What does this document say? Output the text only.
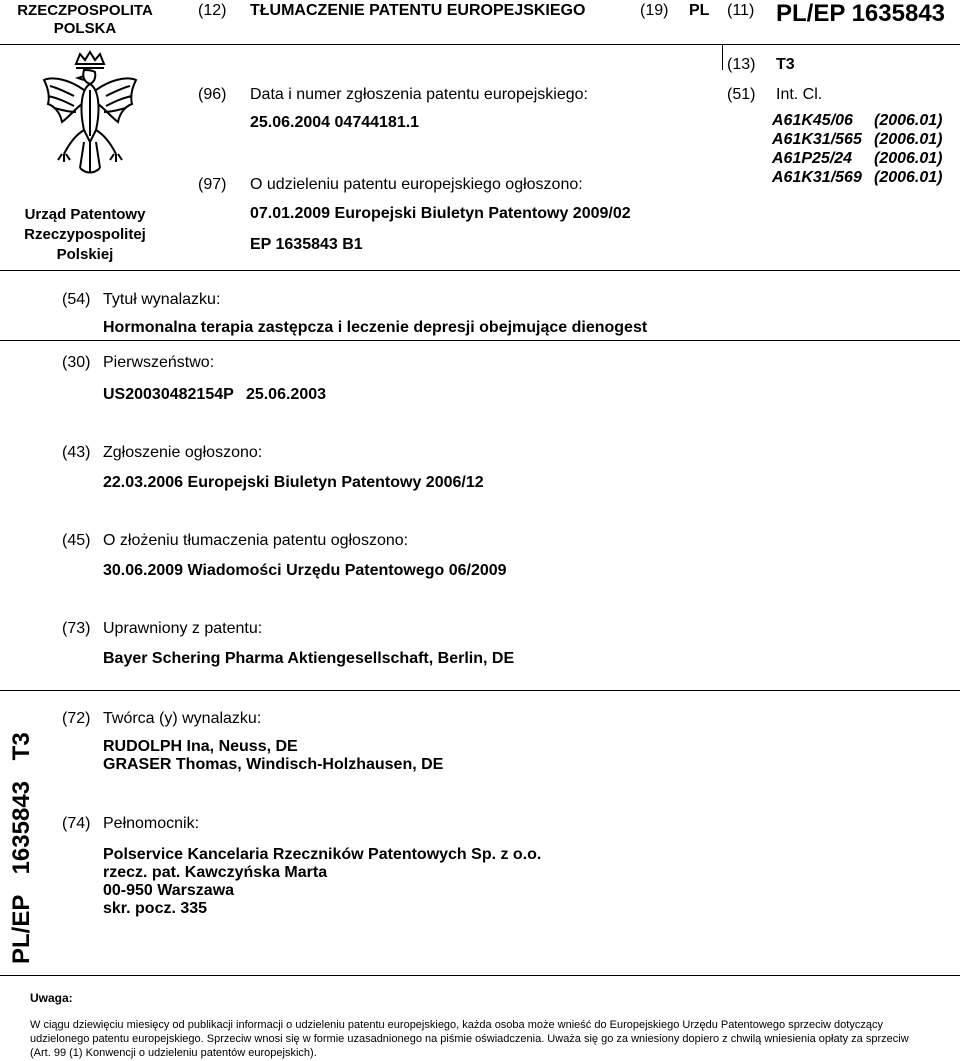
RZECZPOSPOLITA POLSKA
(12) TŁUMACZENIE PATENTU EUROPEJSKIEGO	(19) PL (11) PL/EP 1635843
(13) T3
Urząd Patentowy
Rzeczypospolitej
Polskiej
(96) Data i numer zgłoszenia patentu europejskiego:
25.06.2004 04744181.1
(97) O udzieleniu patentu europejskiego ogłoszono:
07.01.2009 Europejski Biuletyn Patentowy 2009/02
EP 1635843 B1
(51) Int. Cl.
A61K45/06
A61K31/565
A61P25/24
A61K31/569
(2006.01)
(2006.01)
(2006.01)
(2006.01)
(54) Tytuł wynalazku:
Hormonalna terapia zastępcza i leczenie depresji obejmujące dienogest
(30) Pierwszeństwo:
US20030482154P 25.06.2003
(43) Zgłoszenie ogłoszono:
22.03.2006 Europejski Biuletyn Patentowy 2006/12
(45) O złożeniu tłumaczenia patentu ogłoszono:
30.06.2009 Wiadomości Urzędu Patentowego 06/2009
(73) Uprawniony z patentu:
Bayer Schering Pharma Aktiengesellschaft, Berlin, DE
PL/EP 1635843 T3
(72) Twórca (y) wynalazku:
RUDOLPH Ina, Neuss, DE
GRASER Thomas, Windisch-Holzhausen, DE
(74) Pełnomocnik:
Polservice Kancelaria Rzeczników Patentowych Sp. z o.o.
rzecz. pat. Kawczyńska Marta
00-950 Warszawa
skr. pocz. 335
Uwaga:
W ciągu dziewięciu miesięcy od publikacji informacji o udzieleniu patentu europejskiego, każda osoba może wnieść do Europejskiego Urzędu Patentowego sprzeciw dotyczący udzielonego patentu europejskiego. Sprzeciw wnosi się w formie uzasadnionego na piśmie oświadczenia. Uważa się go za wniesiony dopiero z chwilą wniesienia opłaty za sprzeciw (Art. 99 (1) Konwencji o udzieleniu patentów europejskich).
